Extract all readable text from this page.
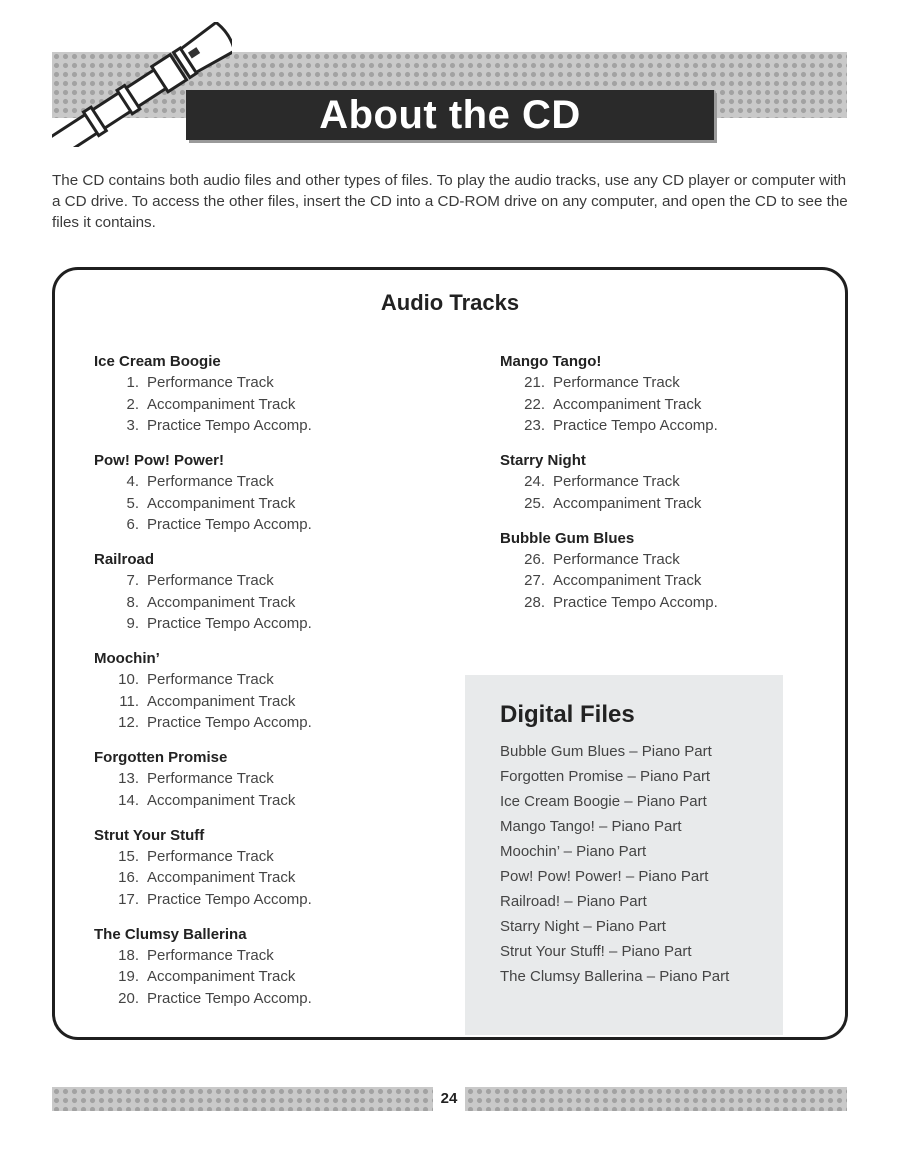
About the CD

The CD contains both audio files and other types of files. To play the audio tracks, use any CD player or computer with a CD drive. To access the other files, insert the CD into a CD-ROM drive on any computer, and open the CD to see the files it contains.

Audio Tracks
Ice Cream Boogie
1. Performance Track
2. Accompaniment Track
3. Practice Tempo Accomp.
Pow! Pow! Power!
4. Performance Track
5. Accompaniment Track
6. Practice Tempo Accomp.
Railroad
7. Performance Track
8. Accompaniment Track
9. Practice Tempo Accomp.
Moochin’
10. Performance Track
11. Accompaniment Track
12. Practice Tempo Accomp.
Forgotten Promise
13. Performance Track
14. Accompaniment Track
Strut Your Stuff
15. Performance Track
16. Accompaniment Track
17. Practice Tempo Accomp.
The Clumsy Ballerina
18. Performance Track
19. Accompaniment Track
20. Practice Tempo Accomp.
Mango Tango!
21. Performance Track
22. Accompaniment Track
23. Practice Tempo Accomp.
Starry Night
24. Performance Track
25. Accompaniment Track
Bubble Gum Blues
26. Performance Track
27. Accompaniment Track
28. Practice Tempo Accomp.
Digital Files
Bubble Gum Blues – Piano Part
Forgotten Promise – Piano Part
Ice Cream Boogie – Piano Part
Mango Tango! – Piano Part
Moochin’ – Piano Part
Pow! Pow! Power! – Piano Part
Railroad! – Piano Part
Starry Night – Piano Part
Strut Your Stuff! – Piano Part
The Clumsy Ballerina – Piano Part
24
